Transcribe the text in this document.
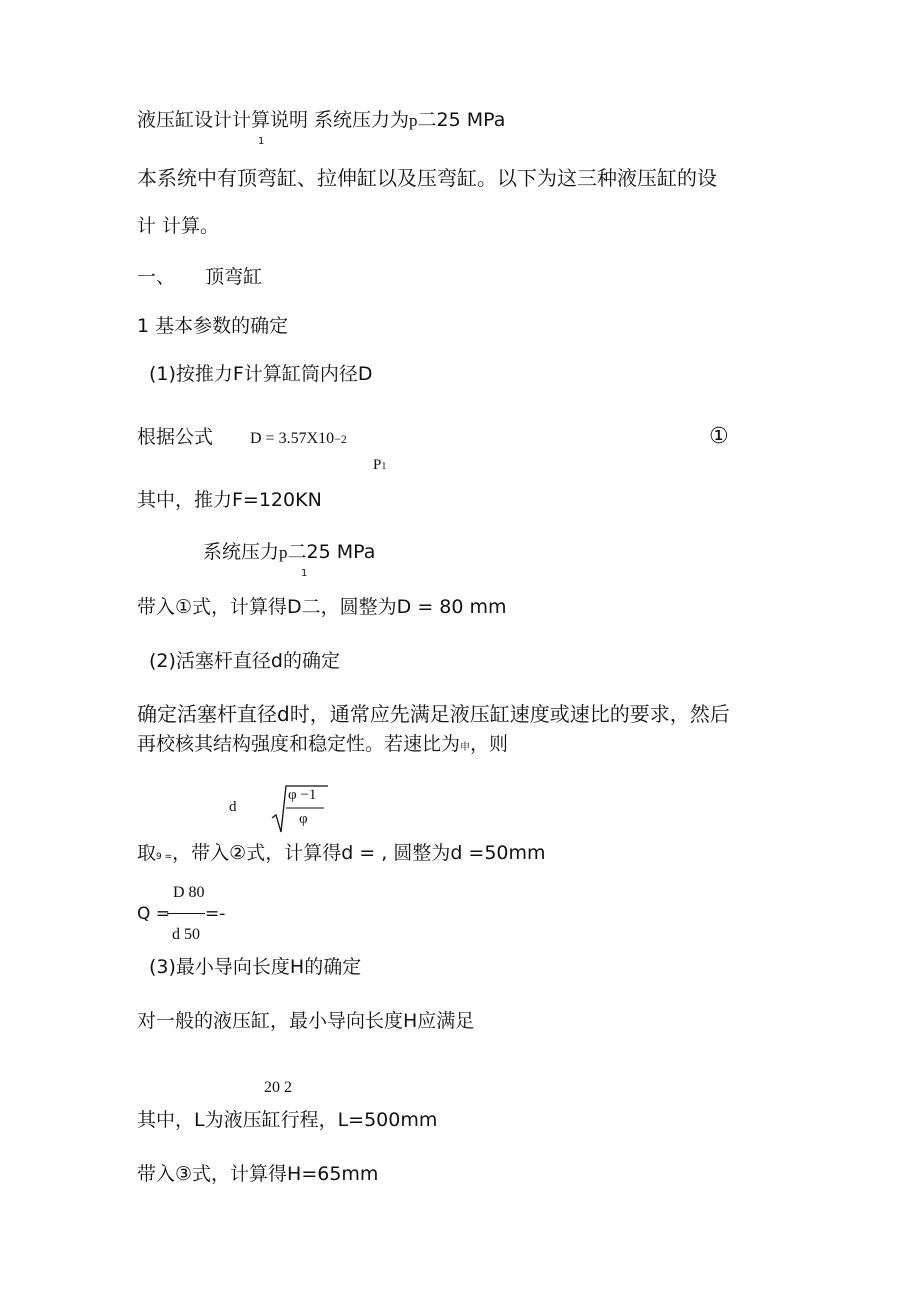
液压缸设计计算说明 系统压力为p二25 MPa
1
本系统中有顶弯缸、拉伸缸以及压弯缸。以下为这三种液压缸的设
计 计算。
一、 顶弯缸
1 基本参数的确定
(1)按推力F计算缸筒内径D
根据公式 D = 3.57X10−2
P1
①
其中，推力F=120KN
系统压力p二25 MPa
1
带入①式，计算得D二，圆整为D = 80 mm
(2)活塞杆直径d的确定
确定活塞杆直径d时，通常应先满足液压缸速度或速比的要求，然后
再校核其结构强度和稳定性。若速比为申，则
d
φ −1
φ
取9 =，带入②式，计算得d = , 圆整为d =50mm
D 80
Q = =-
d 50
(3)最小导向长度H的确定
对一般的液压缸，最小导向长度H应满足
20 2
其中，L为液压缸行程，L=500mm
带入③式，计算得H=65mm
